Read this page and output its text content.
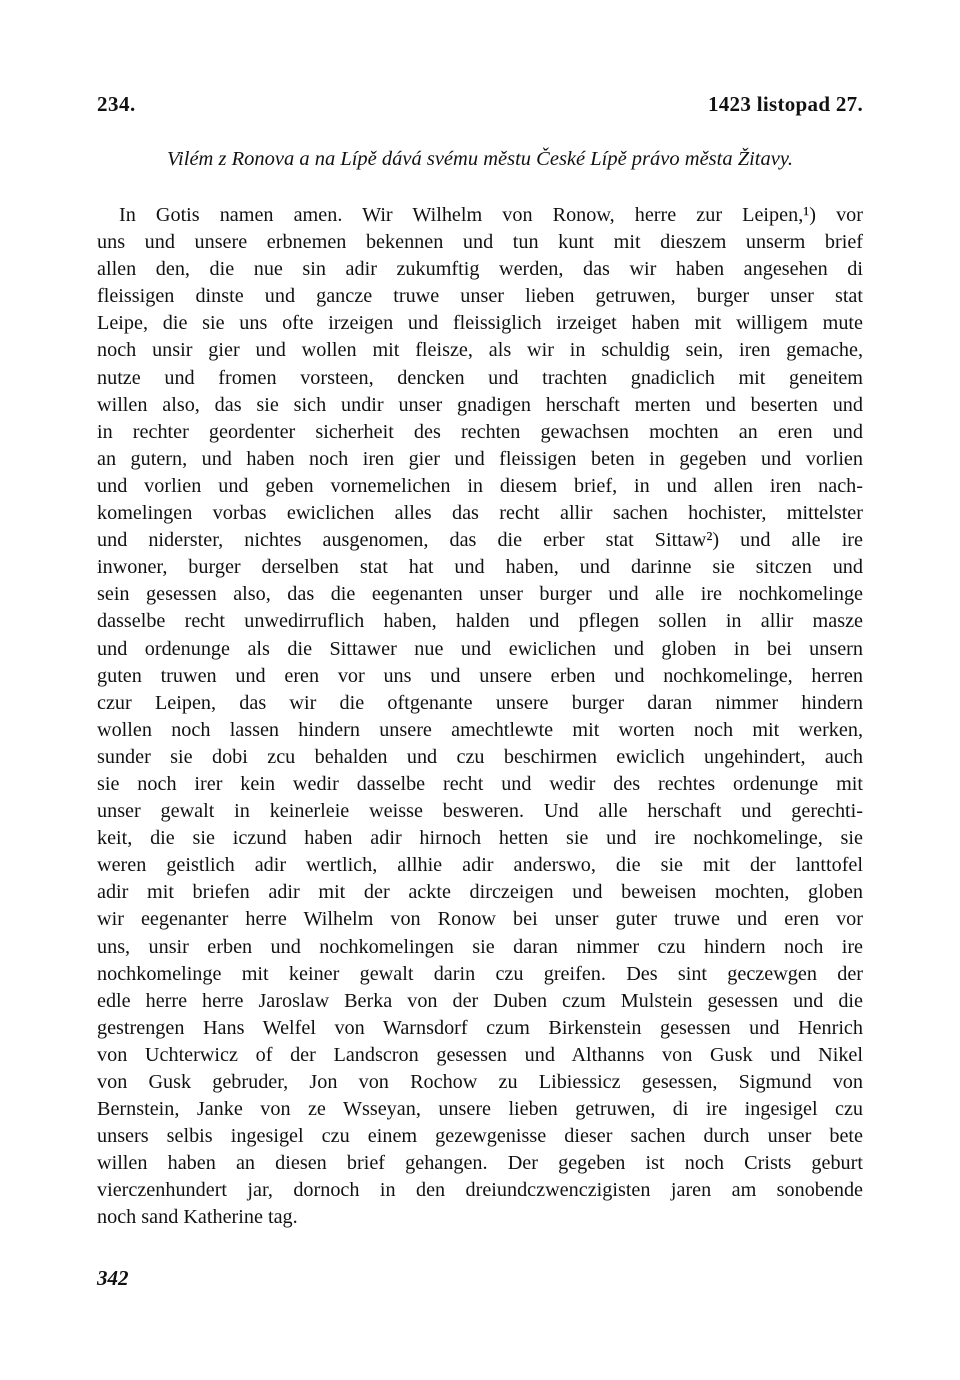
234.	1423 listopad 27.
Vilém z Ronova a na Lípě dává svému městu České Lípě právo města Žitavy.
In Gotis namen amen. Wir Wilhelm von Ronow, herre zur Leipen,¹) vor
uns und unsere erbnemen bekennen und tun kunt mit dieszem unserm brief
allen den, die nue sin adir zukumftig werden, das wir haben angesehen di
fleissigen dinste und gancze truwe unser lieben getruwen, burger unser stat
Leipe, die sie uns ofte irzeigen und fleissiglich irzeiget haben mit willigem mute
noch unsir gier und wollen mit fleisze, als wir in schuldig sein, iren gemache,
nutze und fromen vorsteen, dencken und trachten gnadiclich mit geneitem
willen also, das sie sich undir unser gnadigen herschaft merten und beserten und
in rechter geordenter sicherheit des rechten gewachsen mochten an eren und
an gutern, und haben noch iren gier und fleissigen beten in gegeben und vorlien
und vorlien und geben vornemelichen in diesem brief, in und allen iren nach-
komelingen vorbas ewiclichen alles das recht allir sachen hochister, mittelster
und niderster, nichtes ausgenomen, das die erber stat Sittaw²) und alle ire
inwoner, burger derselben stat hat und haben, und darinne sie sitczen und
sein gesessen also, das die eegenanten unser burger und alle ire nochkomelinge
dasselbe recht unwedirruflich haben, halden und pflegen sollen in allir masze
und ordenunge als die Sittawer nue und ewiclichen und globen in bei unsern
guten truwen und eren vor uns und unsere erben und nochkomelinge, herren
czur Leipen, das wir die oftgenante unsere burger daran nimmer hindern
wollen noch lassen hindern unsere amechtlewte mit worten noch mit werken,
sunder sie dobi zcu behalden und czu beschirmen ewiclich ungehindert, auch
sie noch irer kein wedir dasselbe recht und wedir des rechtes ordenunge mit
unser gewalt in keinerleie weisse besweren. Und alle herschaft und gerechti-
keit, die sie iczund haben adir hirnoch hetten sie und ire nochkomelinge, sie
weren geistlich adir wertlich, allhie adir anderswo, die sie mit der lanttofel
adir mit briefen adir mit der ackte dirczeigen und beweisen mochten, globen
wir eegenanter herre Wilhelm von Ronow bei unser guter truwe und eren vor
uns, unsir erben und nochkomelingen sie daran nimmer czu hindern noch ire
nochkomelinge mit keiner gewalt darin czu greifen. Des sint geczewgen der
edle herre herre Jaroslaw Berka von der Duben czum Mulstein gesessen und die
gestrengen Hans Welfel von Warnsdorf czum Birkenstein gesessen und Henrich
von Uchterwicz of der Landscron gesessen und Althanns von Gusk und Nikel
von Gusk gebruder, Jon von Rochow zu Libiessicz gesessen, Sigmund von
Bernstein, Janke von ze Wsseyan, unsere lieben getruwen, di ire ingesigel czu
unsers selbis ingesigel czu einem gezewgenisse dieser sachen durch unser bete
willen haben an diesen brief gehangen. Der gegeben ist noch Crists geburt
vierczenhundert jar, dornoch in den dreiundczwenczigisten jaren am sonobende
noch sand Katherine tag.
342
